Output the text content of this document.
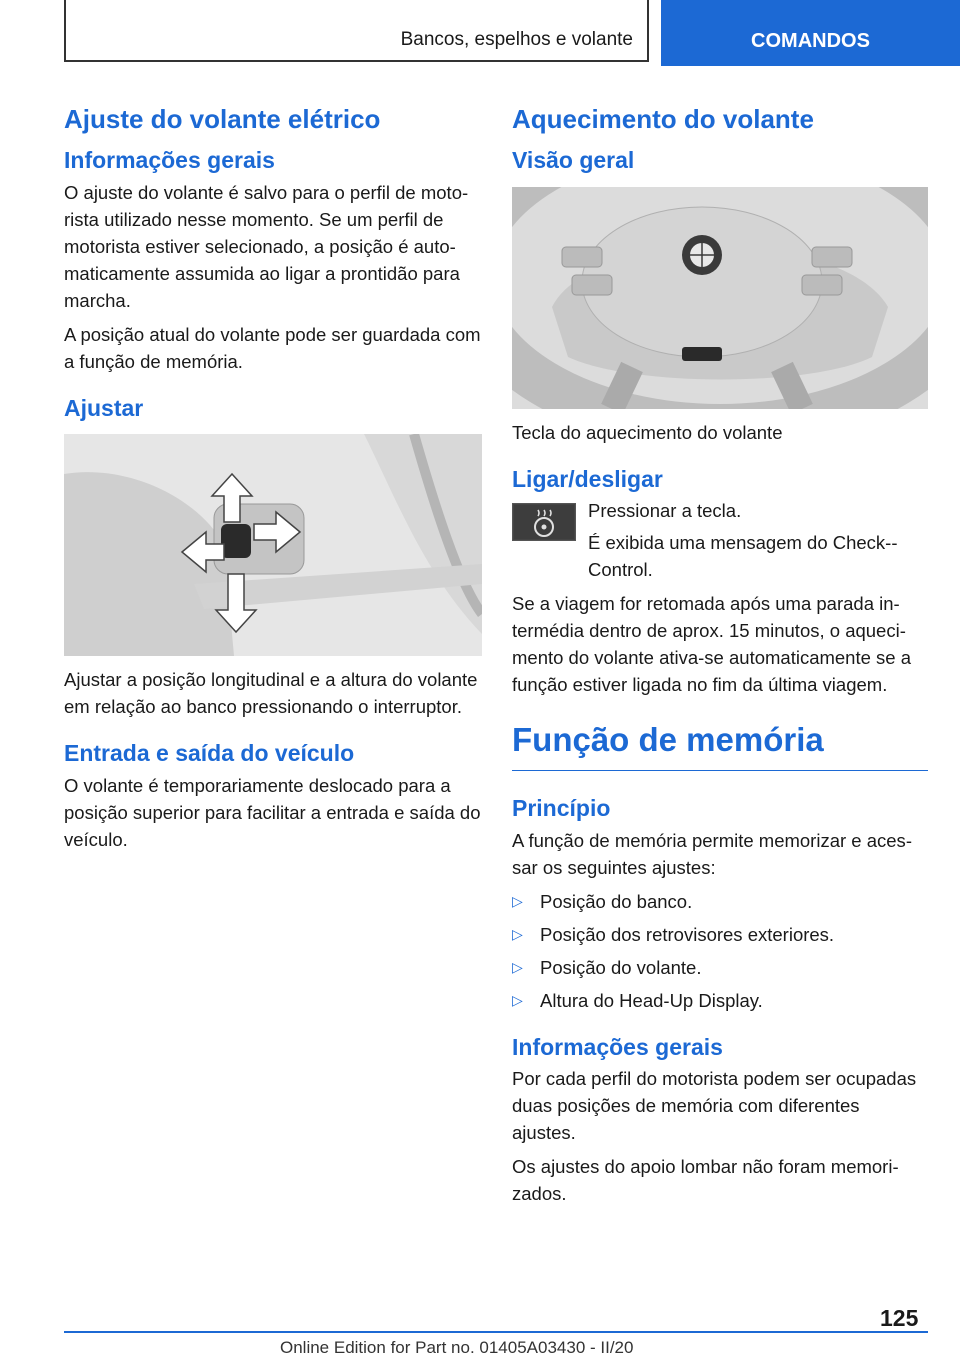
Bancos, espelhos e volante	COMANDOS
Ajuste do volante elétrico
Informações gerais

O ajuste do volante é salvo para o perfil de motorista utilizado nesse momento. Se um perfil de motorista estiver selecionado, a posição é automaticamente assumida ao ligar a prontidão para marcha.

A posição atual do volante pode ser guardada com a função de memória.

Ajustar

Ajustar a posição longitudinal e a altura do volante em relação ao banco pressionando o interruptor.

Entrada e saída do veículo

O volante é temporariamente deslocado para a posição superior para facilitar a entrada e saída do veículo.

Aquecimento do volante
Visão geral

Tecla do aquecimento do volante

Ligar/desligar

Pressionar a tecla.

É exibida uma mensagem do Check-Control.

Se a viagem for retomada após uma parada intermédia dentro de aprox. 15 minutos, o aquecimento do volante ativa-se automaticamente se a função estiver ligada no fim da última viagem.

Função de memória
Princípio

A função de memória permite memorizar e acessar os seguintes ajustes:

▷ Posição do banco.
▷ Posição dos retrovisores exteriores.
▷ Posição do volante.
▷ Altura do Head-Up Display.
Informações gerais

Por cada perfil do motorista podem ser ocupadas duas posições de memória com diferentes ajustes.

Os ajustes do apoio lombar não foram memorizados.

125
Online Edition for Part no. 01405A03430 - II/20
